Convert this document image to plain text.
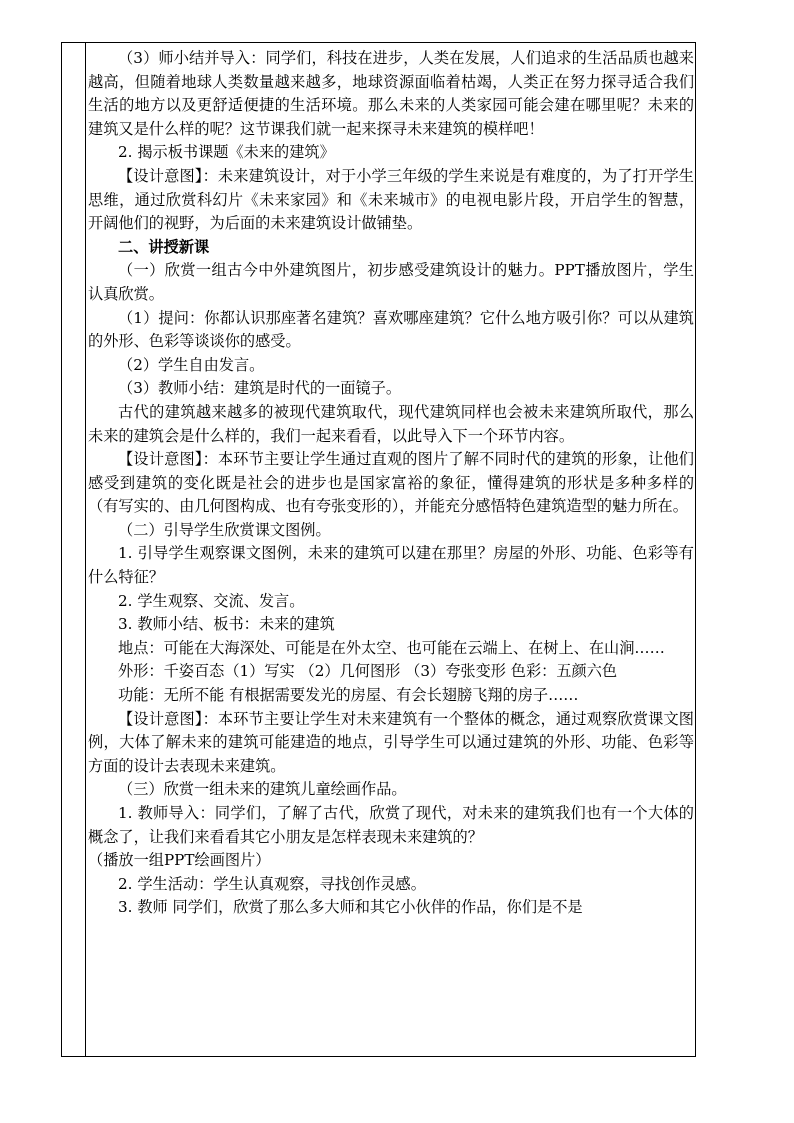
（3）师小结并导入：同学们，科技在进步，人类在发展，人们追求的生活品质也越来越高，但随着地球人类数量越来越多，地球资源面临着枯竭，人类正在努力探寻适合我们生活的地方以及更舒适便捷的生活环境。那么未来的人类家园可能会建在哪里呢？未来的建筑又是什么样的呢？这节课我们就一起来探寻未来建筑的模样吧！

2. 揭示板书课题《未来的建筑》

【设计意图】：未来建筑设计，对于小学三年级的学生来说是有难度的，为了打开学生思维，通过欣赏科幻片《未来家园》和《未来城市》的电视电影片段，开启学生的智慧，开阔他们的视野，为后面的未来建筑设计做铺垫。

二、讲授新课

（一）欣赏一组古今中外建筑图片，初步感受建筑设计的魅力。PPT播放图片，学生认真欣赏。

（1）提问：你都认识那座著名建筑？喜欢哪座建筑？它什么地方吸引你？可以从建筑的外形、色彩等谈谈你的感受。

（2）学生自由发言。

（3）教师小结：建筑是时代的一面镜子。

古代的建筑越来越多的被现代建筑取代，现代建筑同样也会被未来建筑所取代，那么未来的建筑会是什么样的，我们一起来看看，以此导入下一个环节内容。

【设计意图】：本环节主要让学生通过直观的图片了解不同时代的建筑的形象，让他们感受到建筑的变化既是社会的进步也是国家富裕的象征，懂得建筑的形状是多种多样的（有写实的、由几何图构成、也有夸张变形的），并能充分感悟特色建筑造型的魅力所在。

（二）引导学生欣赏课文图例。

1. 引导学生观察课文图例，未来的建筑可以建在那里？房屋的外形、功能、色彩等有什么特征？

2. 学生观察、交流、发言。

3. 教师小结、板书：未来的建筑

地点：可能在大海深处、可能是在外太空、也可能在云端上、在树上、在山涧……

外形：千姿百态（1）写实 （2）几何图形 （3）夸张变形 色彩：五颜六色

功能：无所不能 有根据需要发光的房屋、有会长翅膀飞翔的房子……

【设计意图】：本环节主要让学生对未来建筑有一个整体的概念，通过观察欣赏课文图例，大体了解未来的建筑可能建造的地点，引导学生可以通过建筑的外形、功能、色彩等方面的设计去表现未来建筑。

（三）欣赏一组未来的建筑儿童绘画作品。

1. 教师导入：同学们，了解了古代，欣赏了现代，对未来的建筑我们也有一个大体的概念了，让我们来看看其它小朋友是怎样表现未来建筑的？

（播放一组PPT绘画图片）

2. 学生活动：学生认真观察，寻找创作灵感。

3. 教师 同学们，欣赏了那么多大师和其它小伙伴的作品，你们是不是
